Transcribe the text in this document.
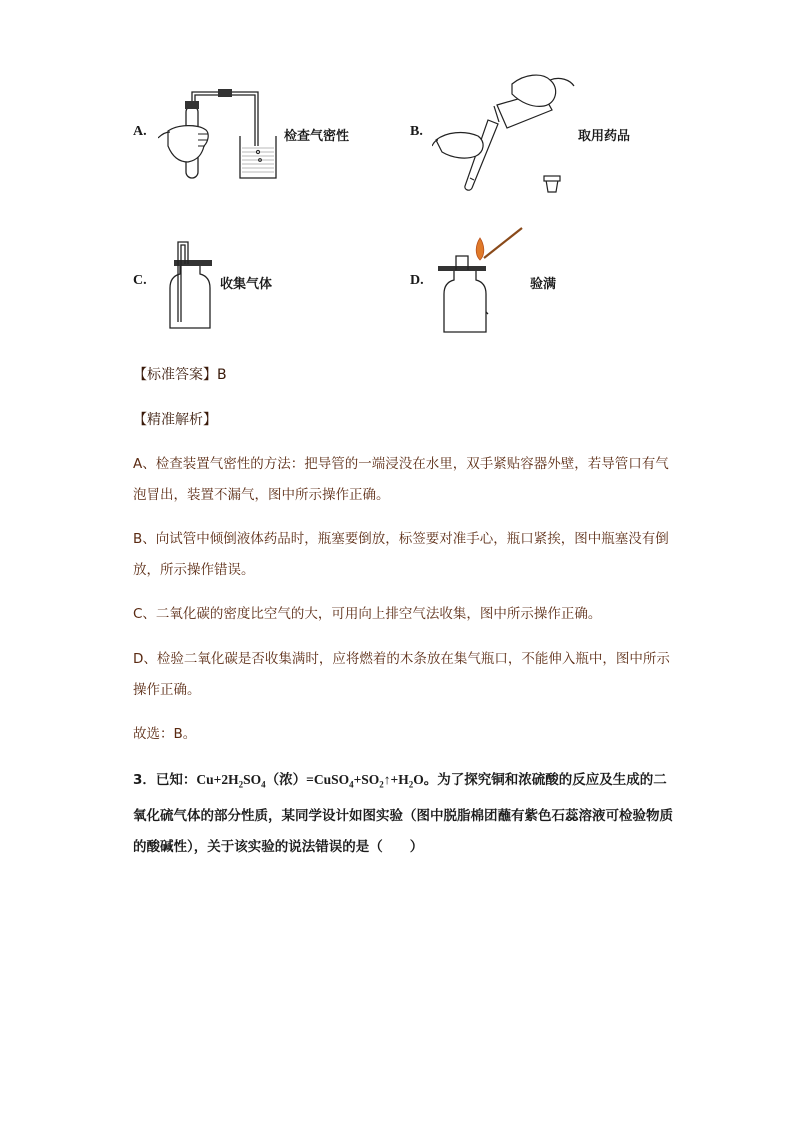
A.	检查气密性	B.	取用药品
C.	收集气体	D.	验满
【标准答案】B
【精准解析】
A、检查装置气密性的方法：把导管的一端浸没在水里，双手紧贴容器外壁，若导管口有气泡冒出，装置不漏气，图中所示操作正确。
B、向试管中倾倒液体药品时，瓶塞要倒放，标签要对准手心，瓶口紧挨，图中瓶塞没有倒放，所示操作错误。
C、二氧化碳的密度比空气的大，可用向上排空气法收集，图中所示操作正确。
D、检验二氧化碳是否收集满时，应将燃着的木条放在集气瓶口，不能伸入瓶中，图中所示操作正确。
故选：B。
3．已知：$Cu+2H_2SO_4$（浓）$=CuSO_4+SO_2↑+H_2O$。为了探究铜和浓硫酸的反应及生成的二氧化硫气体的部分性质，某同学设计如图实验（图中脱脂棉团蘸有紫色石蕊溶液可检验物质的酸碱性），关于该实验的说法错误的是（　　）
